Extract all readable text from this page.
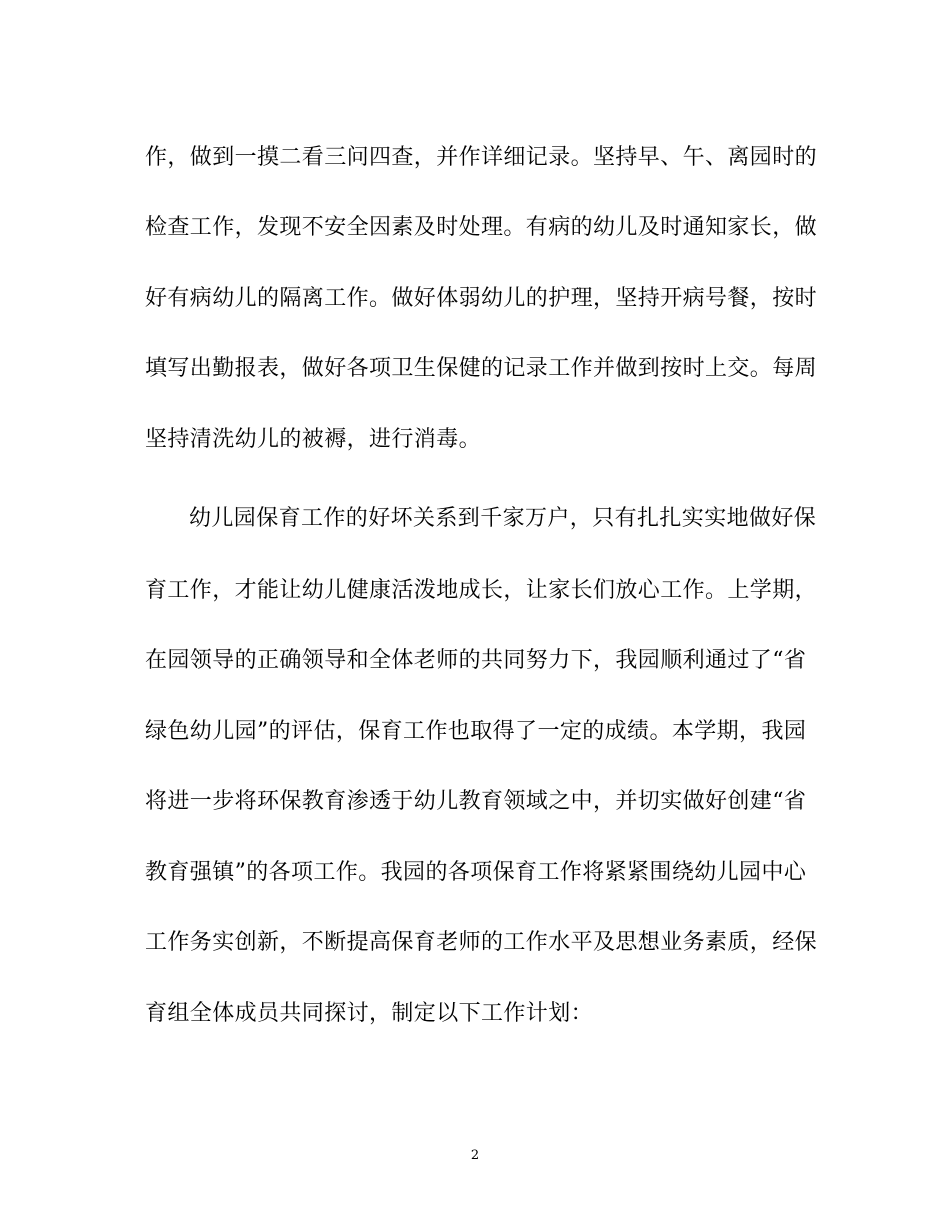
作，做到一摸二看三问四查，并作详细记录。坚持早、午、离园时的
检查工作，发现不安全因素及时处理。有病的幼儿及时通知家长，做
好有病幼儿的隔离工作。做好体弱幼儿的护理，坚持开病号餐，按时
填写出勤报表，做好各项卫生保健的记录工作并做到按时上交。每周
坚持清洗幼儿的被褥，进行消毒。
幼儿园保育工作的好坏关系到千家万户，只有扎扎实实地做好保
育工作，才能让幼儿健康活泼地成长，让家长们放心工作。上学期，
在园领导的正确领导和全体老师的共同努力下，我园顺利通过了“省
绿色幼儿园”的评估，保育工作也取得了一定的成绩。本学期，我园
将进一步将环保教育渗透于幼儿教育领域之中，并切实做好创建“省
教育强镇”的各项工作。我园的各项保育工作将紧紧围绕幼儿园中心
工作务实创新，不断提高保育老师的工作水平及思想业务素质，经保
育组全体成员共同探讨，制定以下工作计划：
2
